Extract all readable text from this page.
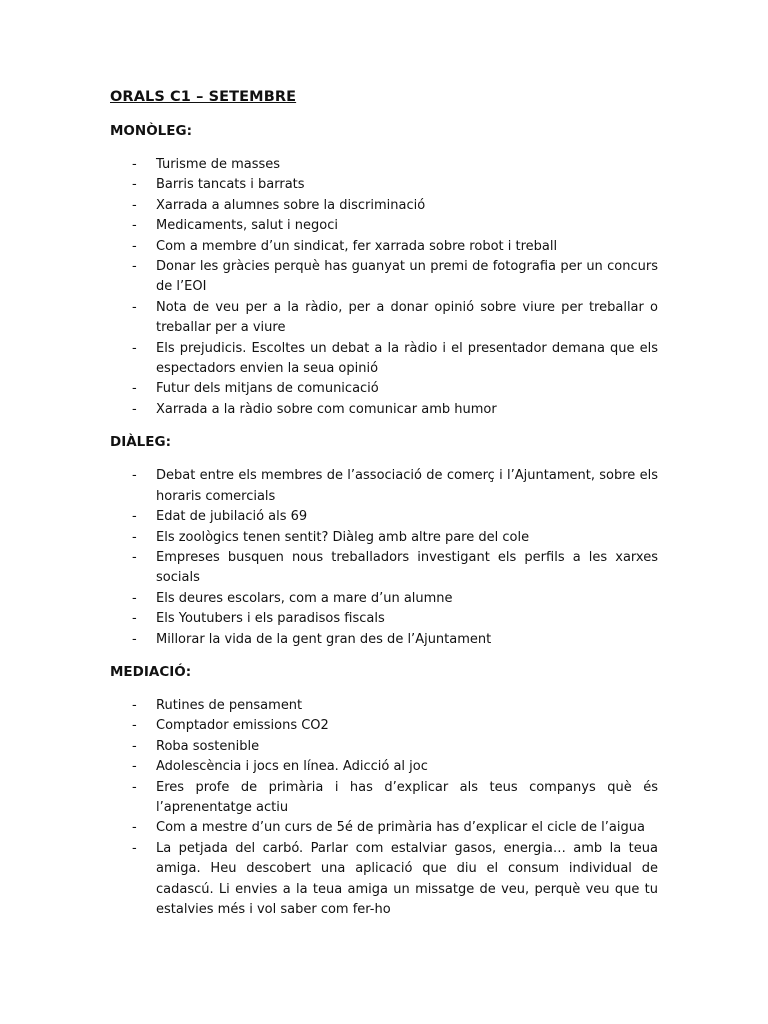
ORALS C1 – SETEMBRE
MONÒLEG:
- Turisme de masses
- Barris tancats i barrats
- Xarrada a alumnes sobre la discriminació
- Medicaments, salut i negoci
- Com a membre d’un sindicat, fer xarrada sobre robot i treball
- Donar les gràcies perquè has guanyat un premi de fotografia per un concurs de l’EOI
- Nota de veu per a la ràdio, per a donar opinió sobre viure per treballar o treballar per a viure
- Els prejudicis. Escoltes un debat a la ràdio i el presentador demana que els espectadors envien la seua opinió
- Futur dels mitjans de comunicació
- Xarrada a la ràdio sobre com comunicar amb humor
DIÀLEG:
- Debat entre els membres de l’associació de comerç i l’Ajuntament, sobre els horaris comercials
- Edat de jubilació als 69
- Els zoològics tenen sentit? Diàleg amb altre pare del cole
- Empreses busquen nous treballadors investigant els perfils a les xarxes socials
- Els deures escolars, com a mare d’un alumne
- Els Youtubers i els paradisos fiscals
- Millorar la vida de la gent gran des de l’Ajuntament
MEDIACIÓ:
- Rutines de pensament
- Comptador emissions CO2
- Roba sostenible
- Adolescència i jocs en línea. Adicció al joc
- Eres profe de primària i has d’explicar als teus companys què és l’aprenentatge actiu
- Com a mestre d’un curs de 5é de primària has d’explicar el cicle de l’aigua
- La petjada del carbó. Parlar com estalviar gasos, energia… amb la teua amiga. Heu descobert una aplicació que diu el consum individual de cadascú. Li envies a la teua amiga un missatge de veu, perquè veu que tu estalvies més i vol saber com fer-ho
